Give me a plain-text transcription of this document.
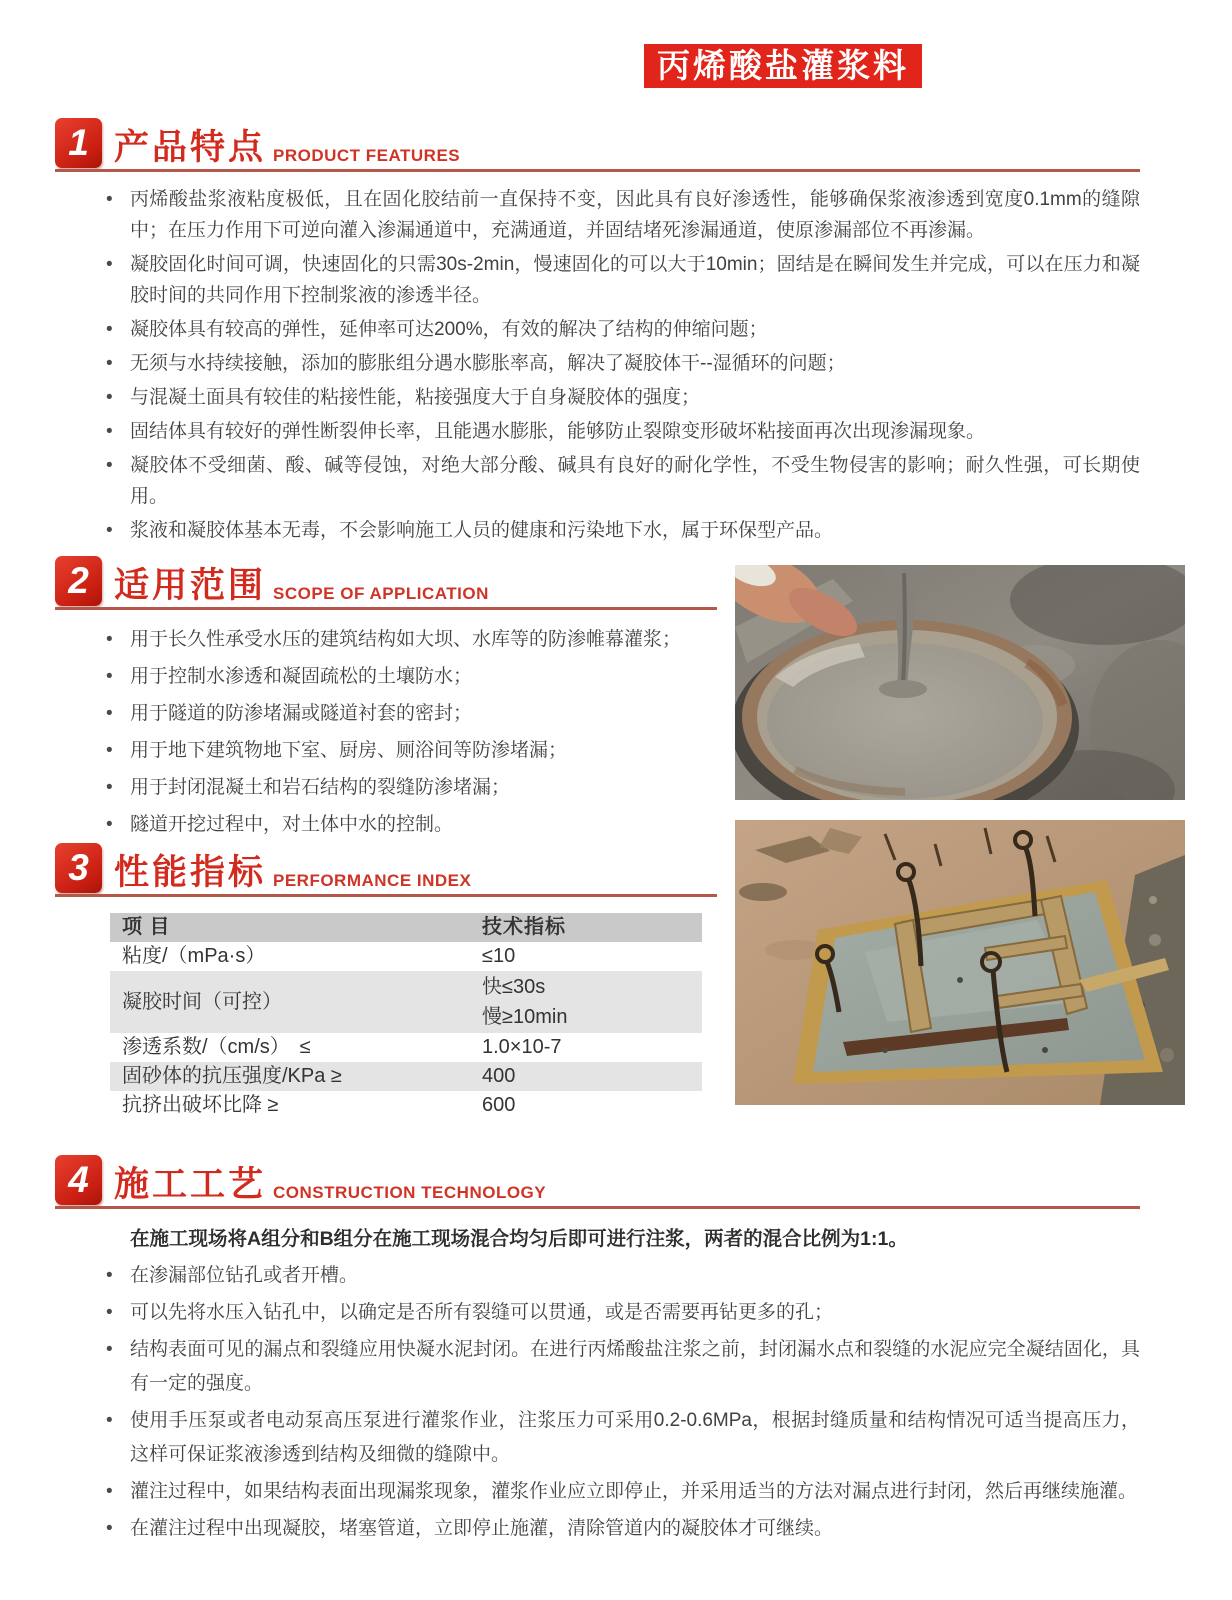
丙烯酸盐灌浆料
1 产品特点 PRODUCT FEATURES
• 丙烯酸盐浆液粘度极低，且在固化胶结前一直保持不变，因此具有良好渗透性，能够确保浆液渗透到宽度0.1mm的缝隙中；在压力作用下可逆向灌入渗漏通道中，充满通道，并固结堵死渗漏通道，使原渗漏部位不再渗漏。
• 凝胶固化时间可调，快速固化的只需30s-2min，慢速固化的可以大于10min；固结是在瞬间发生并完成，可以在压力和凝胶时间的共同作用下控制浆液的渗透半径。
• 凝胶体具有较高的弹性，延伸率可达200%，有效的解决了结构的伸缩问题；
• 无须与水持续接触，添加的膨胀组分遇水膨胀率高，解决了凝胶体干--湿循环的问题；
• 与混凝土面具有较佳的粘接性能，粘接强度大于自身凝胶体的强度；
• 固结体具有较好的弹性断裂伸长率，且能遇水膨胀，能够防止裂隙变形破坏粘接面再次出现渗漏现象。
• 凝胶体不受细菌、酸、碱等侵蚀，对绝大部分酸、碱具有良好的耐化学性，不受生物侵害的影响；耐久性强，可长期使用。
• 浆液和凝胶体基本无毒，不会影响施工人员的健康和污染地下水，属于环保型产品。
2 适用范围 SCOPE OF APPLICATION
• 用于长久性承受水压的建筑结构如大坝、水库等的防渗帷幕灌浆；
• 用于控制水渗透和凝固疏松的土壤防水；
• 用于隧道的防渗堵漏或隧道衬套的密封；
• 用于地下建筑物地下室、厨房、厕浴间等防渗堵漏；
• 用于封闭混凝土和岩石结构的裂缝防渗堵漏；
• 隧道开挖过程中，对土体中水的控制。
3 性能指标 PERFORMANCE INDEX
项 目	技术指标
粘度/（mPa·s）	≤10
凝胶时间（可控）	快≤30s
慢≥10min

渗透系数/（cm/s）　≤	1.0×10-7
固砂体的抗压强度/KPa ≥	400
抗挤出破坏比降 ≥	600
4 施工工艺 CONSTRUCTION TECHNOLOGY

在施工现场将A组分和B组分在施工现场混合均匀后即可进行注浆，两者的混合比例为1:1。

• 在渗漏部位钻孔或者开槽。
• 可以先将水压入钻孔中，以确定是否所有裂缝可以贯通，或是否需要再钻更多的孔；
• 结构表面可见的漏点和裂缝应用快凝水泥封闭。在进行丙烯酸盐注浆之前，封闭漏水点和裂缝的水泥应完全凝结固化，具有一定的强度。
• 使用手压泵或者电动泵高压泵进行灌浆作业，注浆压力可采用0.2-0.6MPa，根据封缝质量和结构情况可适当提高压力，这样可保证浆液渗透到结构及细微的缝隙中。
• 灌注过程中，如果结构表面出现漏浆现象，灌浆作业应立即停止，并采用适当的方法对漏点进行封闭，然后再继续施灌。
• 在灌注过程中出现凝胶，堵塞管道，立即停止施灌，清除管道内的凝胶体才可继续。
